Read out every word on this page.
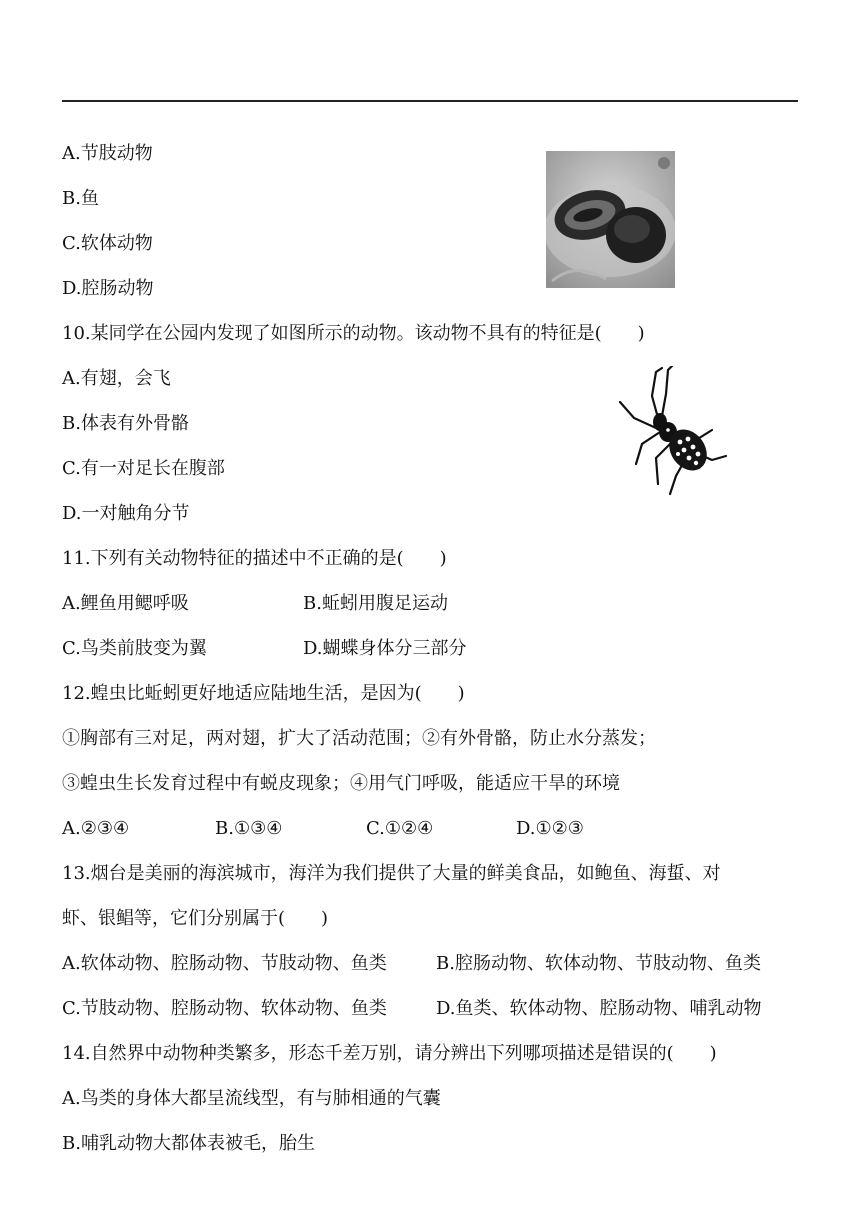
A.节肢动物
B.鱼
C.软体动物
D.腔肠动物
10.某同学在公园内发现了如图所示的动物。该动物不具有的特征是(　　)
A.有翅，会飞
B.体表有外骨骼
C.有一对足长在腹部
D.一对触角分节
11.下列有关动物特征的描述中不正确的是(　　)
A.鲤鱼用鳃呼吸	B.蚯蚓用腹足运动
C.鸟类前肢变为翼	D.蝴蝶身体分三部分
12.蝗虫比蚯蚓更好地适应陆地生活，是因为(　　)
①胸部有三对足，两对翅，扩大了活动范围；②有外骨骼，防止水分蒸发；
③蝗虫生长发育过程中有蜕皮现象；④用气门呼吸，能适应干旱的环境
A.②③④	B.①③④	C.①②④	D.①②③
13.烟台是美丽的海滨城市，海洋为我们提供了大量的鲜美食品，如鲍鱼、海蜇、对
虾、银鲳等，它们分别属于(　　)
A.软体动物、腔肠动物、节肢动物、鱼类	B.腔肠动物、软体动物、节肢动物、鱼类
C.节肢动物、腔肠动物、软体动物、鱼类	D.鱼类、软体动物、腔肠动物、哺乳动物
14.自然界中动物种类繁多，形态千差万别，请分辨出下列哪项描述是错误的(　　)
A.鸟类的身体大都呈流线型，有与肺相通的气囊
B.哺乳动物大都体表被毛，胎生
